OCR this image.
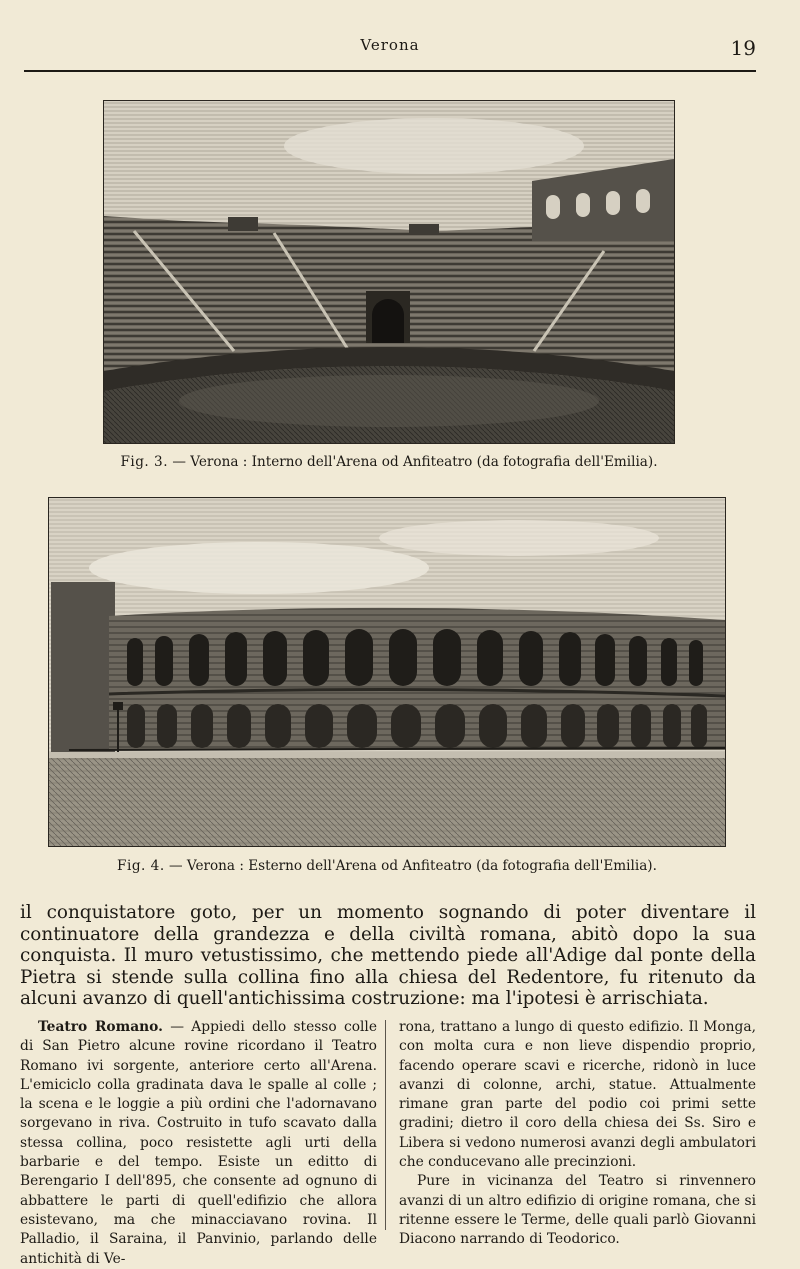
Verona	19
Fig. 3. — Verona : Interno dell'Arena od Anfiteatro (da fotografia dell'Emilia).
Fig. 4. — Verona : Esterno dell'Arena od Anfiteatro (da fotografia dell'Emilia).

il conquistatore goto, per un momento sognando di poter diventare il continuatore della grandezza e della civiltà romana, abitò dopo la sua conquista. Il muro vetustissimo, che mettendo piede all'Adige dal ponte della Pietra si stende sulla collina fino alla chiesa del Redentore, fu ritenuto da alcuni avanzo di quell'antichissima costruzione: ma l'ipotesi è arrischiata.

Teatro Romano. — Appiedi dello stesso colle di San Pietro alcune rovine ricordano il Teatro Romano ivi sorgente, anteriore certo all'Arena. L'emiciclo colla gradinata dava le spalle al colle ; la scena e le loggie a più ordini che l'adornavano sorgevano in riva. Costruito in tufo scavato dalla stessa collina, poco resistette agli urti della barbarie e del tempo. Esiste un editto di Berengario I dell'895, che consente ad ognuno di abbattere le parti di quell'edifizio che allora esistevano, ma che minacciavano rovina. Il Palladio, il Saraina, il Panvinio, parlando delle antichità di Ve-

rona, trattano a lungo di questo edifizio. Il Monga, con molta cura e non lieve dispendio proprio, facendo operare scavi e ricerche, ridonò in luce avanzi di colonne, archi, statue. Attualmente rimane gran parte del podio coi primi sette gradini; dietro il coro della chiesa dei Ss. Siro e Libera si vedono numerosi avanzi degli ambulatori che conducevano alle precinzioni.

Pure in vicinanza del Teatro si rinvennero avanzi di un altro edifizio di origine romana, che si ritenne essere le Terme, delle quali parlò Giovanni Diacono narrando di Teodorico.
